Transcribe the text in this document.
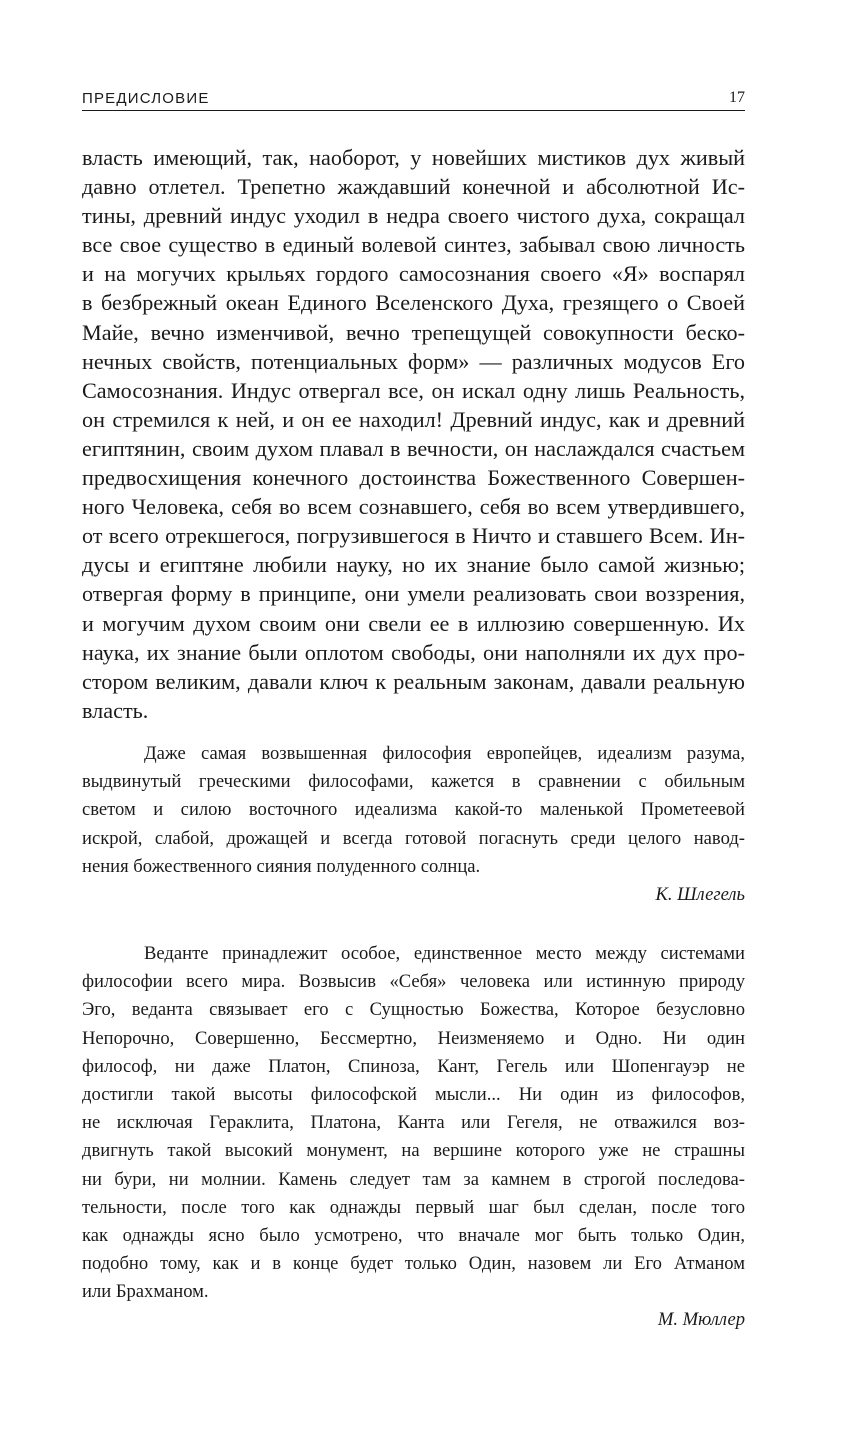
ПРЕДИСЛОВИЕ	17
власть имеющий, так, наоборот, у новейших мистиков дух живый
давно отлетел. Трепетно жаждавший конечной и абсолютной Ис-
тины, древний индус уходил в недра своего чистого духа, сокращал
все свое существо в единый волевой синтез, забывал свою личность
и на могучих крыльях гордого самосознания своего «Я» воспарял
в безбрежный океан Единого Вселенского Духа, грезящего о Своей
Майе, вечно изменчивой, вечно трепещущей совокупности беско-
нечных свойств, потенциальных форм» — различных модусов Его
Самосознания. Индус отвергал все, он искал одну лишь Реальность,
он стремился к ней, и он ее находил! Древний индус, как и древний
египтянин, своим духом плавал в вечности, он наслаждался счастьем
предвосхищения конечного достоинства Божественного Совершен-
ного Человека, себя во всем сознавшего, себя во всем утвердившего,
от всего отрекшегося, погрузившегося в Ничто и ставшего Всем. Ин-
дусы и египтяне любили науку, но их знание было самой жизнью;
отвергая форму в принципе, они умели реализовать свои воззрения,
и могучим духом своим они свели ее в иллюзию совершенную. Их
наука, их знание были оплотом свободы, они наполняли их дух про-
стором великим, давали ключ к реальным законам, давали реальную
власть.
Даже самая возвышенная философия европейцев, идеализм разума,
выдвинутый греческими философами, кажется в сравнении с обильным
светом и силою восточного идеализма какой-то маленькой Прометеевой
искрой, слабой, дрожащей и всегда готовой погаснуть среди целого навод-
нения божественного сияния полуденного солнца.
К. Шлегель
Веданте принадлежит особое, единственное место между системами
философии всего мира. Возвысив «Себя» человека или истинную природу
Эго, веданта связывает его с Сущностью Божества, Которое безусловно
Непорочно, Совершенно, Бессмертно, Неизменяемо и Одно. Ни один
философ, ни даже Платон, Спиноза, Кант, Гегель или Шопенгауэр не
достигли такой высоты философской мысли... Ни один из философов,
не исключая Гераклита, Платона, Канта или Гегеля, не отважился воз-
двигнуть такой высокий монумент, на вершине которого уже не страшны
ни бури, ни молнии. Камень следует там за камнем в строгой последова-
тельности, после того как однажды первый шаг был сделан, после того
как однажды ясно было усмотрено, что вначале мог быть только Один,
подобно тому, как и в конце будет только Один, назовем ли Его Атманом
или Брахманом.
М. Мюллер
